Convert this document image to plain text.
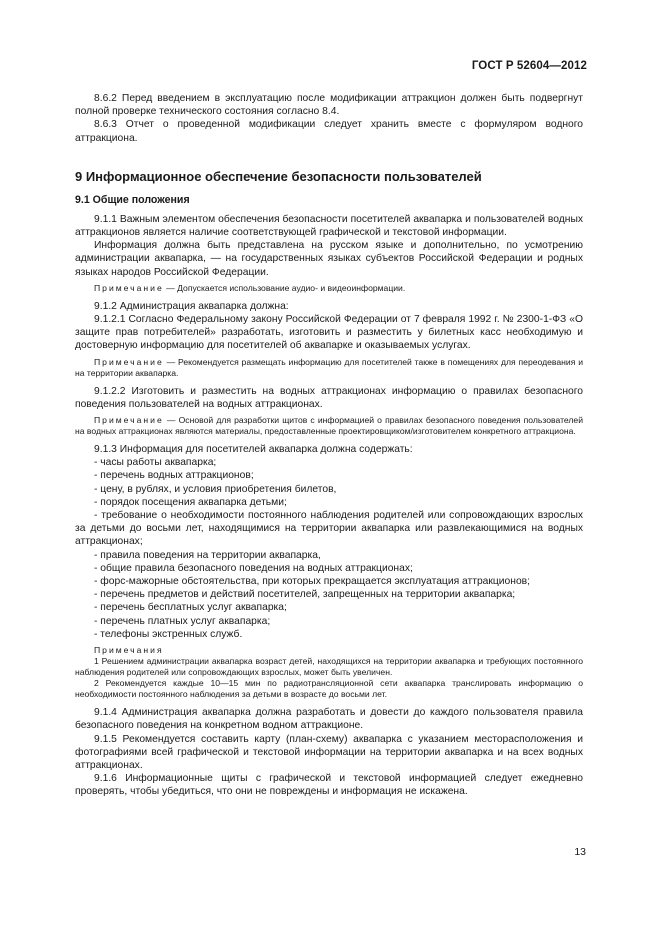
ГОСТ Р 52604—2012

8.6.2 Перед введением в эксплуатацию после модификации аттракцион должен быть подвергнут полной проверке технического состояния согласно 8.4.

8.6.3 Отчет о проведенной модификации следует хранить вместе с формуляром водного аттракциона.

9 Информационное обеспечение безопасности пользователей
9.1 Общие положения

9.1.1 Важным элементом обеспечения безопасности посетителей аквапарка и пользователей водных аттракционов является наличие соответствующей графической и текстовой информации.

Информация должна быть представлена на русском языке и дополнительно, по усмотрению администрации аквапарка, — на государственных языках субъектов Российской Федерации и родных языках народов Российской Федерации.

Примечание — Допускается использование аудио- и видеоинформации.

9.1.2 Администрация аквапарка должна:

9.1.2.1 Согласно Федеральному закону Российской Федерации от 7 февраля 1992 г. № 2300-1-ФЗ «О защите прав потребителей» разработать, изготовить и разместить у билетных касс необходимую и достоверную информацию для посетителей об аквапарке и оказываемых услугах.

Примечание — Рекомендуется размещать информацию для посетителей также в помещениях для переодевания и на территории аквапарка.

9.1.2.2 Изготовить и разместить на водных аттракционах информацию о правилах безопасного поведения пользователей на водных аттракционах.

Примечание — Основой для разработки щитов с информацией о правилах безопасного поведения пользователей на водных аттракционах являются материалы, предоставленные проектировщиком/изготовителем конкретного аттракциона.

9.1.3 Информация для посетителей аквапарка должна содержать:

- часы работы аквапарка;

- перечень водных аттракционов;

- цену, в рублях, и условия приобретения билетов,

- порядок посещения аквапарка детьми;

- требование о необходимости постоянного наблюдения родителей или сопровождающих взрослых за детьми до восьми лет, находящимися на территории аквапарка или развлекающимися на водных аттракционах;

- правила поведения на территории аквапарка,

- общие правила безопасного поведения на водных аттракционах;

- форс-мажорные обстоятельства, при которых прекращается эксплуатация аттракционов;

- перечень предметов и действий посетителей, запрещенных на территории аквапарка;

- перечень бесплатных услуг аквапарка;

- перечень платных услуг аквапарка;

- телефоны экстренных служб.

Примечания

1 Решением администрации аквапарка возраст детей, находящихся на территории аквапарка и требующих постоянного наблюдения родителей или сопровождающих взрослых, может быть увеличен.

2 Рекомендуется каждые 10—15 мин по радиотрансляционной сети аквапарка транслировать информацию о необходимости постоянного наблюдения за детьми в возрасте до восьми лет.

9.1.4 Администрация аквапарка должна разработать и довести до каждого пользователя правила безопасного поведения на конкретном водном аттракционе.

9.1.5 Рекомендуется составить карту (план-схему) аквапарка с указанием месторасположения и фотографиями всей графической и текстовой информации на территории аквапарка и на всех водных аттракционах.

9.1.6 Информационные щиты с графической и текстовой информацией следует ежедневно проверять, чтобы убедиться, что они не повреждены и информация не искажена.

13
